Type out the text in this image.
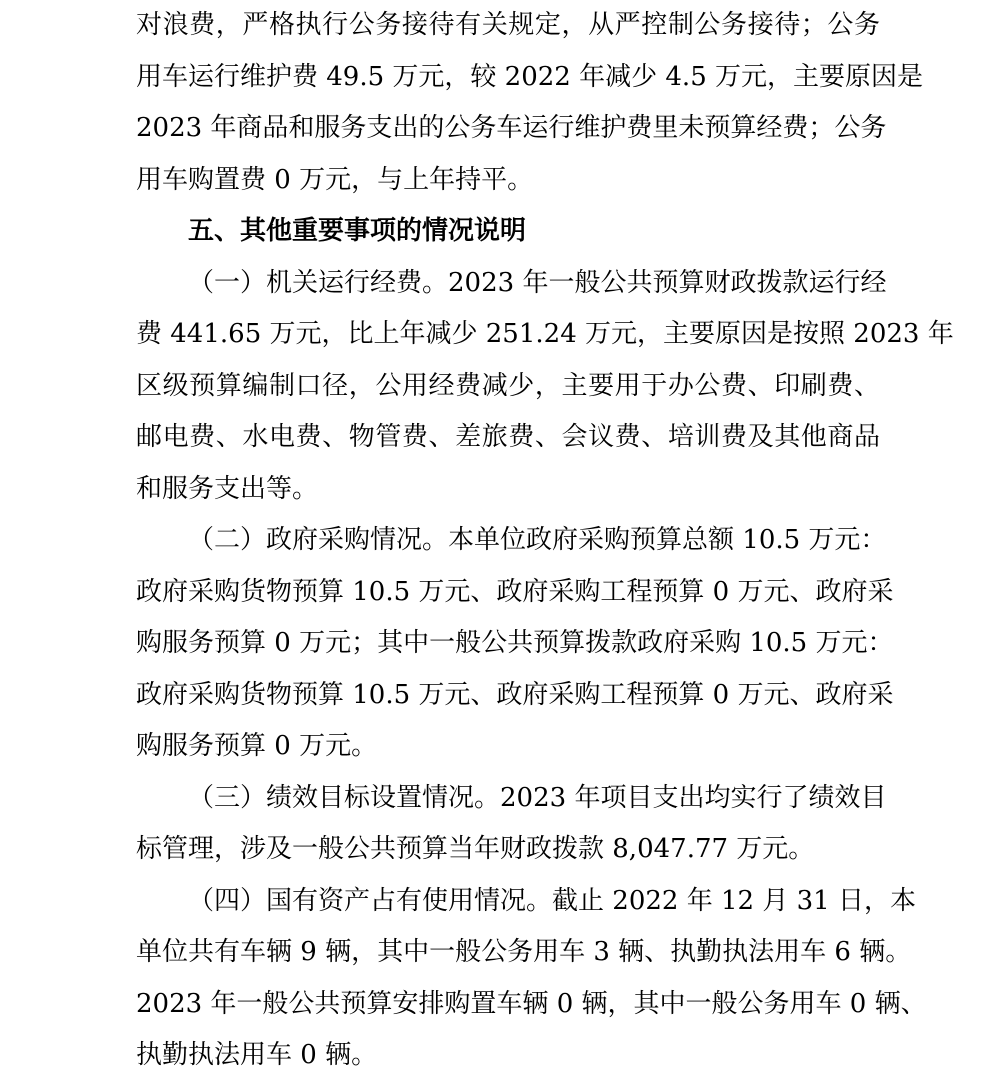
对浪费，严格执行公务接待有关规定，从严控制公务接待；公务
用车运行维护费 49.5 万元，较 2022 年减少 4.5 万元，主要原因是
2023 年商品和服务支出的公务车运行维护费里未预算经费；公务
用车购置费 0 万元，与上年持平。
五、其他重要事项的情况说明
（一）机关运行经费。2023 年一般公共预算财政拨款运行经
费 441.65 万元，比上年减少 251.24 万元，主要原因是按照 2023 年
区级预算编制口径，公用经费减少，主要用于办公费、印刷费、
邮电费、水电费、物管费、差旅费、会议费、培训费及其他商品
和服务支出等。
（二）政府采购情况。本单位政府采购预算总额 10.5 万元：
政府采购货物预算 10.5 万元、政府采购工程预算 0 万元、政府采
购服务预算 0 万元；其中一般公共预算拨款政府采购 10.5 万元：
政府采购货物预算 10.5 万元、政府采购工程预算 0 万元、政府采
购服务预算 0 万元。
（三）绩效目标设置情况。2023 年项目支出均实行了绩效目
标管理，涉及一般公共预算当年财政拨款 8,047.77 万元。
（四）国有资产占有使用情况。截止 2022 年 12 月 31 日，本
单位共有车辆 9 辆，其中一般公务用车 3 辆、执勤执法用车 6 辆。
2023 年一般公共预算安排购置车辆 0 辆，其中一般公务用车 0 辆、
执勤执法用车 0 辆。
